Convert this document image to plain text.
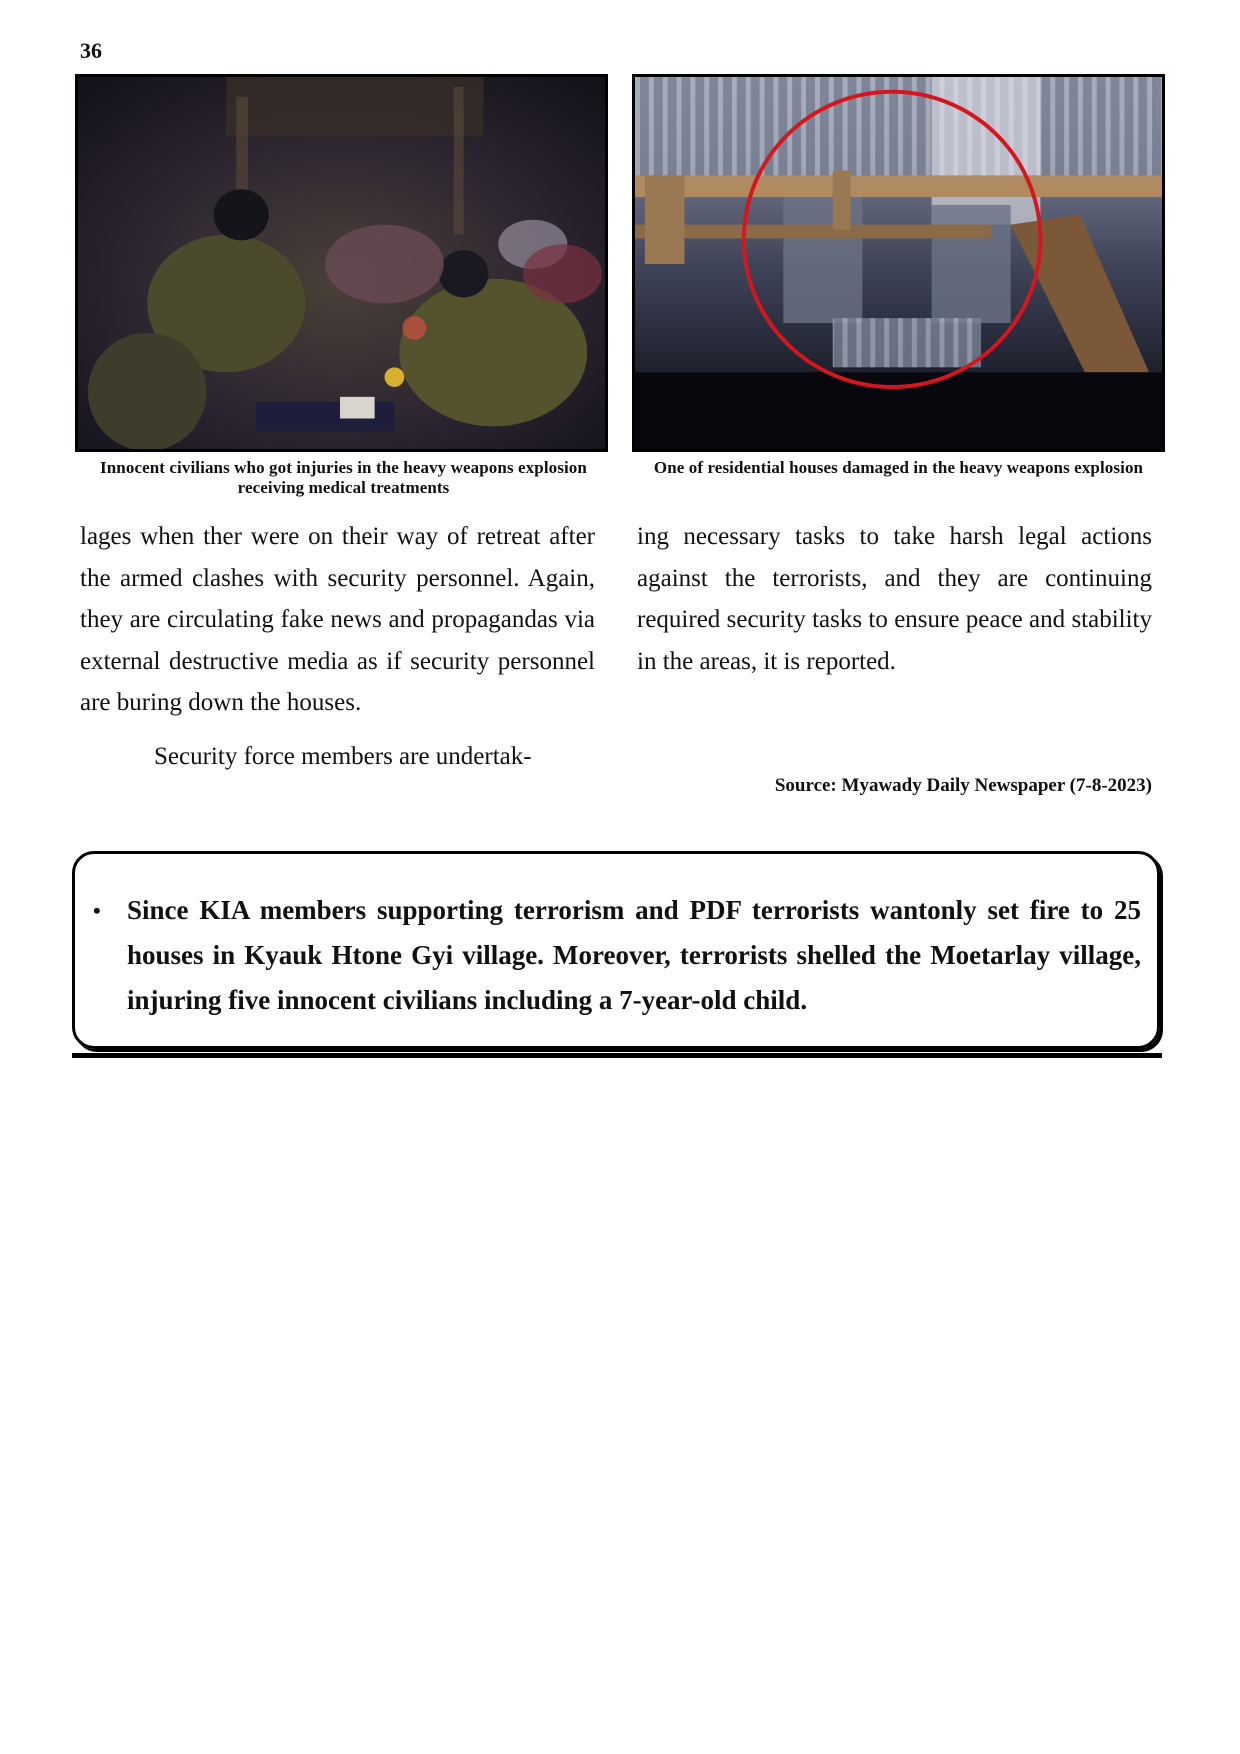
36
Innocent civilians who got injuries in the heavy weapons explosion receiving medical treatments
One of residential houses damaged in the heavy weapons explosion

lages when ther were on their way of retreat after the armed clashes with security personnel. Again, they are circulating fake news and propagandas via external destructive media as if security personnel are buring down the houses.

Security force members are undertak-

ing necessary tasks to take harsh legal actions against the terrorists, and they are continuing required security tasks to ensure peace and stability in the areas, it is reported.

Source: Myawady Daily Newspaper (7-8-2023)
• Since KIA members supporting terrorism and PDF terrorists wantonly set fire to 25 houses in Kyauk Htone Gyi village. Moreover, terrorists shelled the Moetarlay village, injuring five innocent civilians including a 7-year-old child.
